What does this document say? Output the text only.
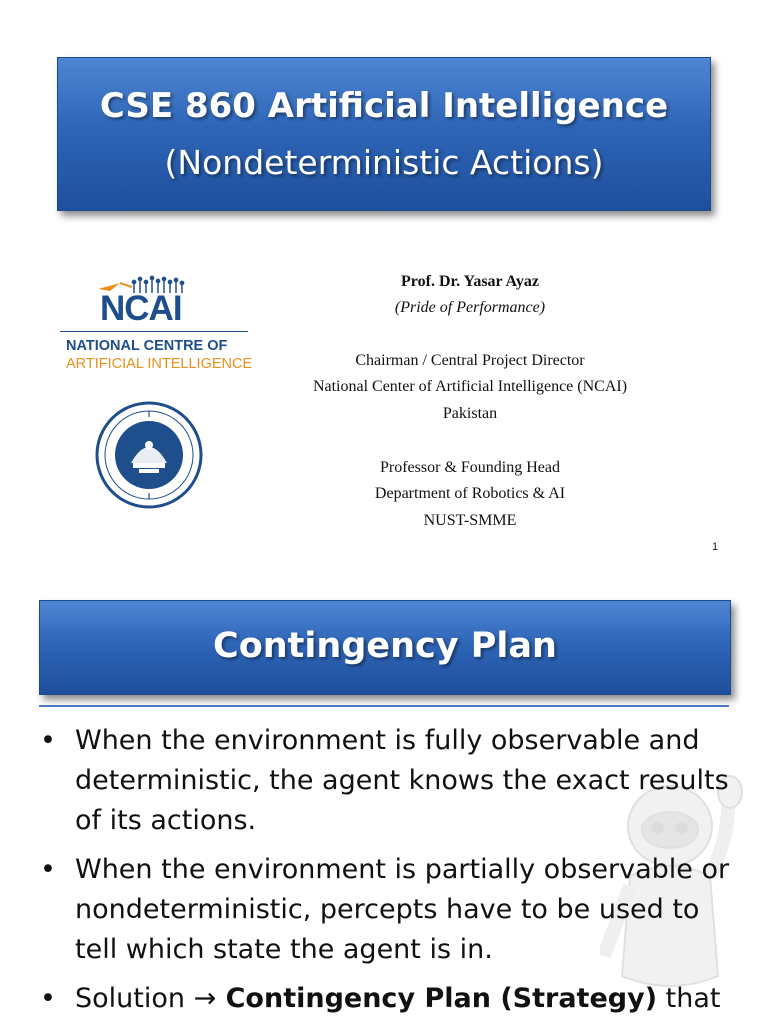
CSE 860 Artificial Intelligence
(Nondeterministic Actions)
NCAI
NATIONAL CENTRE OF
ARTIFICIAL INTELLIGENCE
Prof. Dr. Yasar Ayaz
(Pride of Performance)
Chairman / Central Project Director
National Center of Artificial Intelligence (NCAI)
Pakistan
Professor & Founding Head
Department of Robotics & AI
NUST-SMME
1
Contingency Plan
• When the environment is fully observable and deterministic, the agent knows the exact results of its actions.
• When the environment is partially observable or nondeterministic, percepts have to be used to tell which state the agent is in.
• Solution → Contingency Plan (Strategy) that
